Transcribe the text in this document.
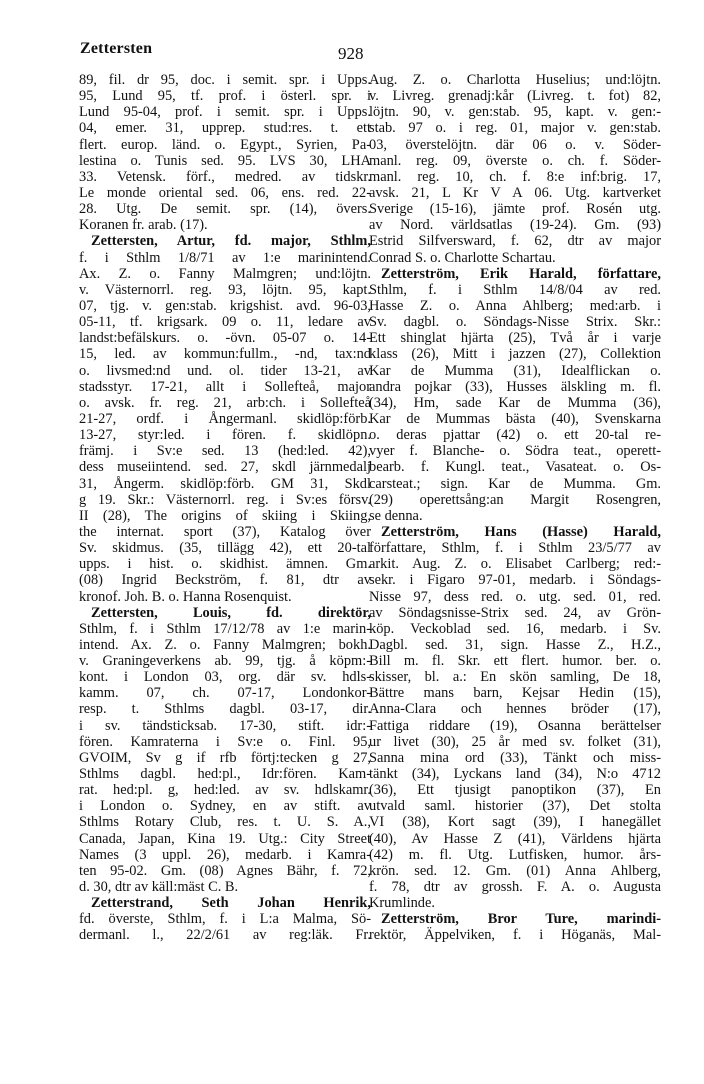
Zettersten	928
89, fil. dr 95, doc. i semit. spr. i Upps.
95, Lund 95, tf. prof. i österl. spr. i
Lund 95-04, prof. i semit. spr. i Upps.
04, emer. 31, upprep. stud:res. t. ett
flert. europ. länd. o. Egypt., Syrien, Pa-
lestina o. Tunis sed. 95. LVS 30, LHA
33. Vetensk. förf., medred. av tidskr.
Le monde oriental sed. 06, ens. red. 22-
28. Utg. De semit. spr. (14), övers.
Koranen fr. arab. (17).
Zettersten, Artur, fd. major, Sthlm,
f. i Sthlm 1/8/71 av 1:e marinintend.
Ax. Z. o. Fanny Malmgren; und:löjtn.
v. Västernorrl. reg. 93, löjtn. 95, kapt.
07, tjg. v. gen:stab. krigshist. avd. 96-03,
05-11, tf. krigsark. 09 o. 11, ledare av
landst:befälskurs. o. -övn. 05-07 o. 14-
15, led. av kommun:fullm., -nd, tax:nd
o. livsmed:nd und. ol. tider 13-21, av
stadsstyr. 17-21, allt i Sollefteå, major
o. avsk. fr. reg. 21, arb:ch. i Sollefteå
21-27, ordf. i Ångermanl. skidlöp:förb.
13-27, styr:led. i fören. f. skidlöpn.
främj. i Sv:e sed. 13 (hed:led. 42),
dess museiintend. sed. 27, skdl järnmedalj
31, Ångerm. skidlöp:förb. GM 31, Skdl
g 19. Skr.: Västernorrl. reg. i Sv:es försv.
II (28), The origins of skiing i Skiing,
the internat. sport (37), Katalog över
Sv. skidmus. (35, tillägg 42), ett 20-tal
upps. i hist. o. skidhist. ämnen. Gm.
(08) Ingrid Beckström, f. 81, dtr av
kronof. Joh. B. o. Hanna Rosenquist.
Zettersten, Louis, fd. direktör,
Sthlm, f. i Sthlm 17/12/78 av 1:e marin-
intend. Ax. Z. o. Fanny Malmgren; bokh.
v. Graningeverkens ab. 99, tjg. å köpm:-
kont. i London 03, org. där sv. hdls-
kamm. 07, ch. 07-17, Londonkor-
resp. t. Sthlms dagbl. 03-17, dir.
i sv. tändsticksab. 17-30, stift. idr:-
fören. Kamraterna i Sv:e o. Finl. 95,
GVOIM, Sv g if rfb förtj:tecken g 27,
Sthlms dagbl. hed:pl., Idr:fören. Kam-
rat. hed:pl. g, hed:led. av sv. hdlskamr.
i London o. Sydney, en av stift. av
Sthlms Rotary Club, res. t. U. S. A.,
Canada, Japan, Kina 19. Utg.: City Street
Names (3 uppl. 26), medarb. i Kamra-
ten 95-02. Gm. (08) Agnes Bähr, f. 72,
d. 30, dtr av käll:mäst C. B.
Zetterstrand, Seth Johan Henrik,
fd. överste, Sthlm, f. i L:a Malma, Sö-
dermanl. l., 22/2/61 av reg:läk. Fr.
Aug. Z. o. Charlotta Huselius; und:löjtn.
v. Livreg. grenadj:kår (Livreg. t. fot) 82,
löjtn. 90, v. gen:stab. 95, kapt. v. gen:-
stab. 97 o. i reg. 01, major v. gen:stab.
03, överstelöjtn. där 06 o. v. Söder-
manl. reg. 09, överste o. ch. f. Söder-
manl. reg. 10, ch. f. 8:e inf:brig. 17,
avsk. 21, L Kr V A 06. Utg. kartverket
Sverige (15-16), jämte prof. Rosén utg.
av Nord. världsatlas (19-24). Gm. (93)
Estrid Silfversward, f. 62, dtr av major
Conrad S. o. Charlotte Schartau.
Zetterström, Erik Harald, författare,
Sthlm, f. i Sthlm 14/8/04 av red.
Hasse Z. o. Anna Ahlberg; med:arb. i
Sv. dagbl. o. Söndags-Nisse Strix. Skr.:
Ett shinglat hjärta (25), Två år i varje
klass (26), Mitt i jazzen (27), Collektion
Kar de Mumma (31), Idealflickan o.
andra pojkar (33), Husses älskling m. fl.
(34), Hm, sade Kar de Mumma (36),
Kar de Mummas bästa (40), Svenskarna
o. deras pjattar (42) o. ett 20-tal re-
vyer f. Blanche- o. Södra teat., operett-
bearb. f. Kungl. teat., Vasateat. o. Os-
carsteat.; sign. Kar de Mumma. Gm.
(29) operettsång:an Margit Rosengren,
se denna.
Zetterström, Hans (Hasse) Harald,
författare, Sthlm, f. i Sthlm 23/5/77 av
arkit. Aug. Z. o. Elisabet Carlberg; red:-
sekr. i Figaro 97-01, medarb. i Söndags-
Nisse 97, dess red. o. utg. sed. 01, red.
av Söndagsnisse-Strix sed. 24, av Grön-
köp. Veckoblad sed. 16, medarb. i Sv.
Dagbl. sed. 31, sign. Hasse Z., H.Z.,
Bill m. fl. Skr. ett flert. humor. ber. o.
skisser, bl. a.: En skön samling, De 18,
Bättre mans barn, Kejsar Hedin (15),
Anna-Clara och hennes bröder (17),
Fattiga riddare (19), Osanna berättelser
ur livet (30), 25 år med sv. folket (31),
Sanna mina ord (33), Tänkt och miss-
tänkt (34), Lyckans land (34), N:o 4712
(36), Ett tjusigt panoptikon (37), En
utvald saml. historier (37), Det stolta
VI (38), Kort sagt (39), I hanegället
(40), Av Hasse Z (41), Världens hjärta
(42) m. fl. Utg. Lutfisken, humor. års-
krön. sed. 12. Gm. (01) Anna Ahlberg,
f. 78, dtr av grossh. F. A. o. Augusta
Krumlinde.
Zetterström, Bror Ture, marindi-
rektör, Äppelviken, f. i Höganäs, Mal-
